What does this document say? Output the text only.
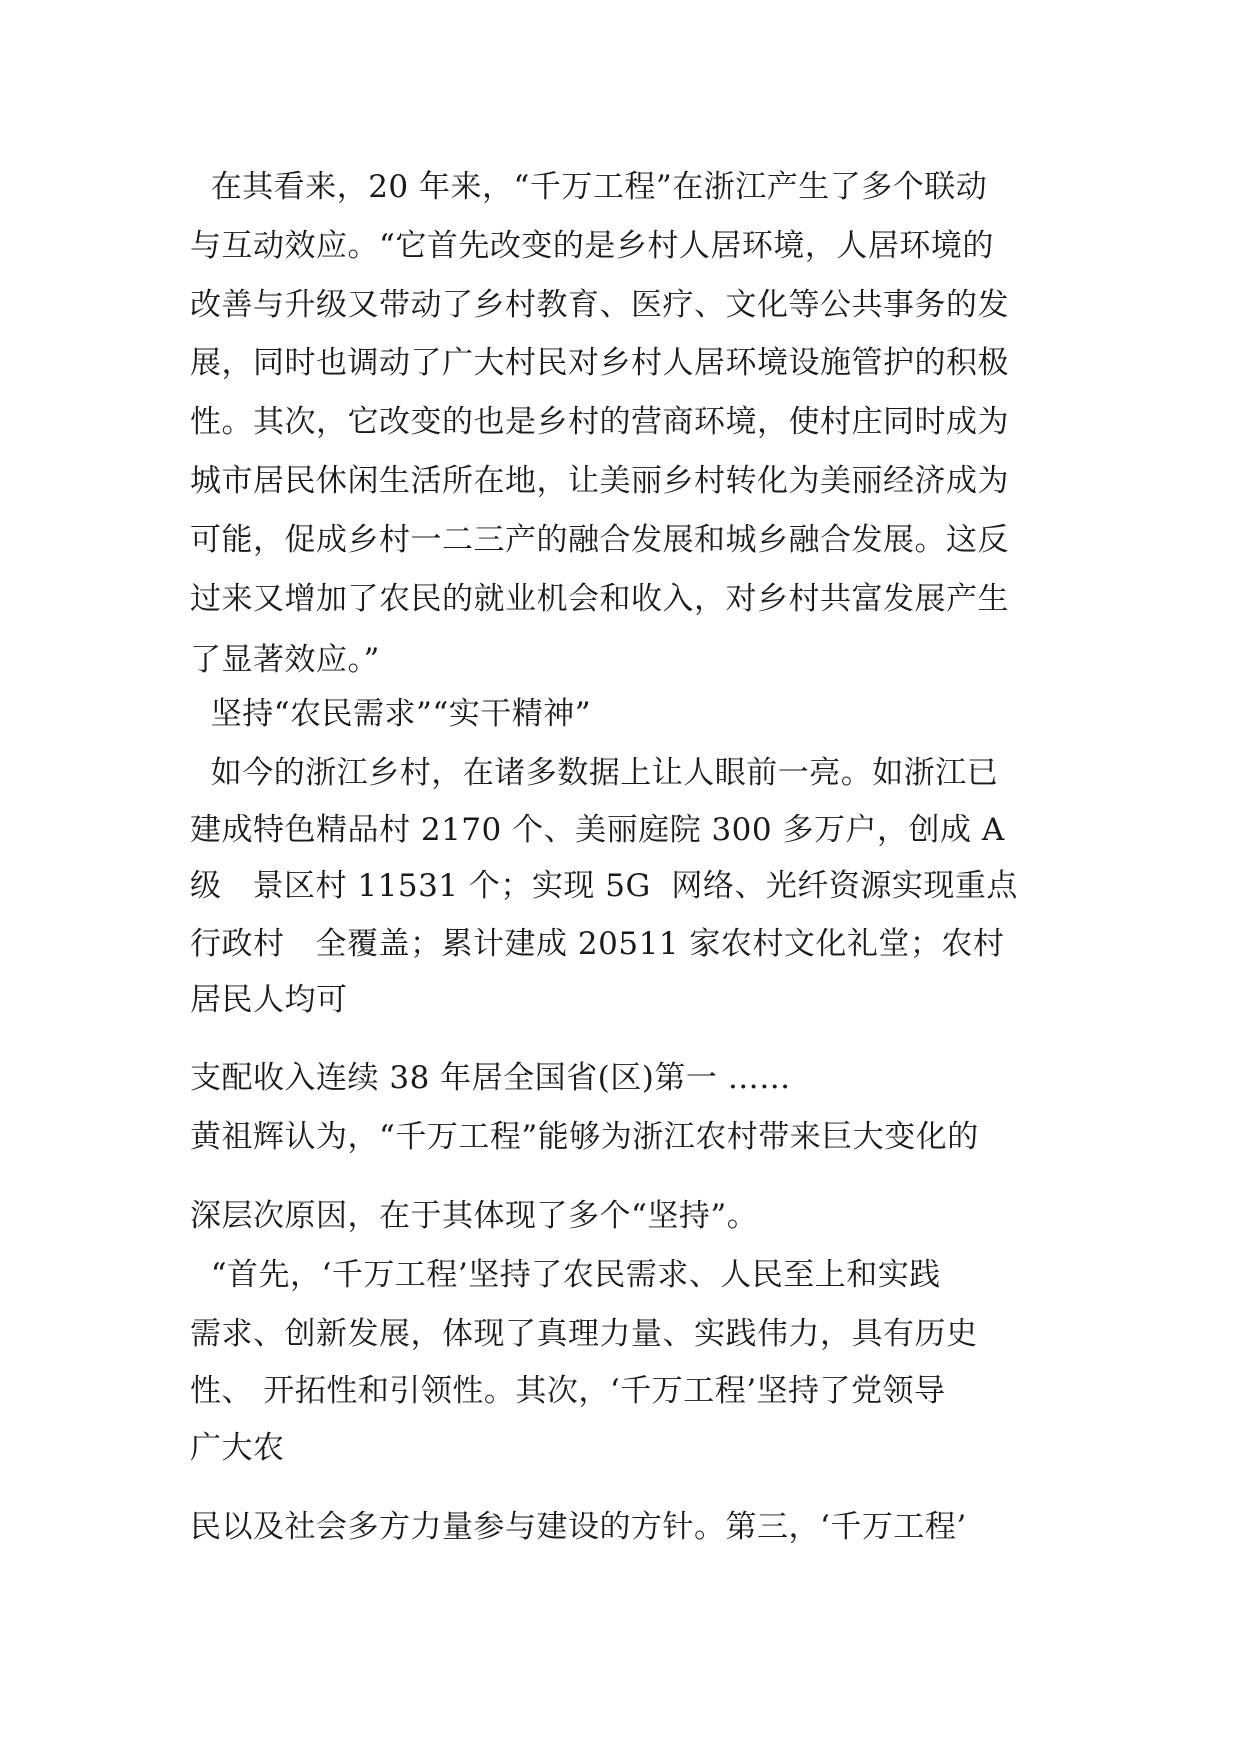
在其看来，20 年来，“千万工程”在浙江产生了多个联动
与互动效应。“它首先改变的是乡村人居环境，人居环境的
改善与升级又带动了乡村教育、医疗、文化等公共事务的发
展，同时也调动了广大村民对乡村人居环境设施管护的积极
性。其次，它改变的也是乡村的营商环境，使村庄同时成为
城市居民休闲生活所在地，让美丽乡村转化为美丽经济成为
可能，促成乡村一二三产的融合发展和城乡融合发展。这反
过来又增加了农民的就业机会和收入，对乡村共富发展产生
了显著效应。”
坚持“农民需求”“实干精神”
如今的浙江乡村，在诸多数据上让人眼前一亮。如浙江已
建成特色精品村 2170 个、美丽庭院 300 多万户，创成 A
级   景区村 11531 个；实现 5G  网络、光纤资源实现重点
行政村   全覆盖；累计建成 20511 家农村文化礼堂；农村
居民人均可
支配收入连续 38 年居全国省(区)第一 ……
黄祖辉认为，“千万工程”能够为浙江农村带来巨大变化的
深层次原因，在于其体现了多个“坚持”。
“首先，‘千万工程’坚持了农民需求、人民至上和实践
需求、创新发展，体现了真理力量、实践伟力，具有历史
性、 开拓性和引领性。其次，‘千万工程’坚持了党领导
广大农
民以及社会多方力量参与建设的方针。第三，‘千万工程’
